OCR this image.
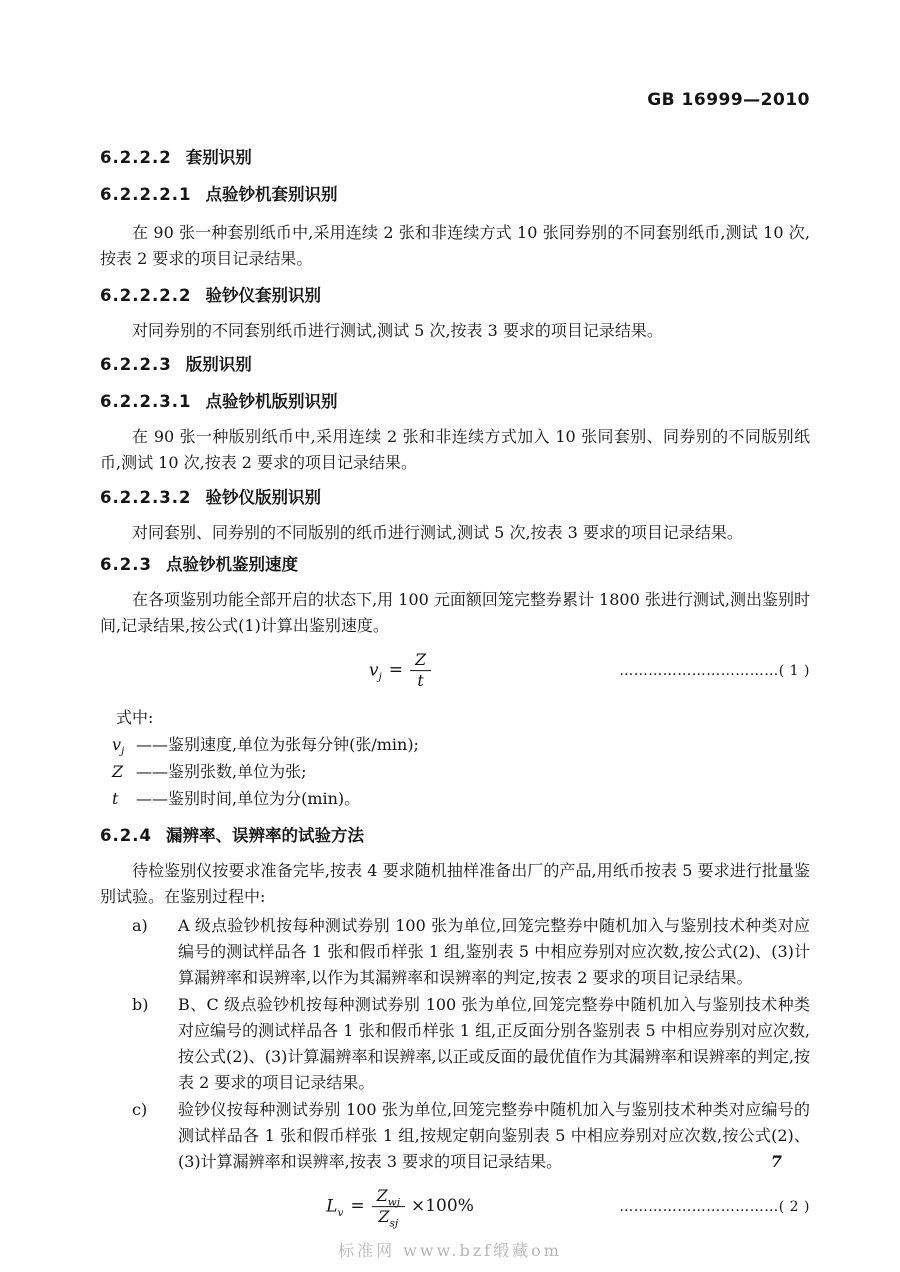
GB 16999—2010
6.2.2.2 套别识别
6.2.2.2.1 点验钞机套别识别

在 90 张一种套别纸币中,采用连续 2 张和非连续方式 10 张同券别的不同套别纸币,测试 10 次,按表 2 要求的项目记录结果。

6.2.2.2.2 验钞仪套别识别

对同券别的不同套别纸币进行测试,测试 5 次,按表 3 要求的项目记录结果。

6.2.2.3 版别识别
6.2.2.3.1 点验钞机版别识别

在 90 张一种版别纸币中,采用连续 2 张和非连续方式加入 10 张同套别、同券别的不同版别纸币,测试 10 次,按表 2 要求的项目记录结果。

6.2.2.3.2 验钞仪版别识别

对同套别、同券别的不同版别的纸币进行测试,测试 5 次,按表 3 要求的项目记录结果。

6.2.3 点验钞机鉴别速度

在各项鉴别功能全部开启的状态下,用 100 元面额回笼完整券累计 1800 张进行测试,测出鉴别时间,记录结果,按公式(1)计算出鉴别速度。

$v_j = \frac{Z}{t}$	……………………………( 1 )
式中:
$v_j$ ——鉴别速度,单位为张每分钟(张/min);
Z ——鉴别张数,单位为张;
t ——鉴别时间,单位为分(min)。
6.2.4 漏辨率、误辨率的试验方法

待检鉴别仪按要求准备完毕,按表 4 要求随机抽样准备出厂的产品,用纸币按表 5 要求进行批量鉴别试验。在鉴别过程中:

a)	A 级点验钞机按每种测试券别 100 张为单位,回笼完整券中随机加入与鉴别技术种类对应编号的测试样品各 1 张和假币样张 1 组,鉴别表 5 中相应券别对应次数,按公式(2)、(3)计算漏辨率和误辨率,以作为其漏辨率和误辨率的判定,按表 2 要求的项目记录结果。
b)	B、C 级点验钞机按每种测试券别 100 张为单位,回笼完整券中随机加入与鉴别技术种类对应编号的测试样品各 1 张和假币样张 1 组,正反面分别各鉴别表 5 中相应券别对应次数,按公式(2)、(3)计算漏辨率和误辨率,以正或反面的最优值作为其漏辨率和误辨率的判定,按表 2 要求的项目记录结果。
c)	验钞仪按每种测试券别 100 张为单位,回笼完整券中随机加入与鉴别技术种类对应编号的测试样品各 1 张和假币样张 1 组,按规定朝向鉴别表 5 中相应券别对应次数,按公式(2)、(3)计算漏辨率和误辨率,按表 3 要求的项目记录结果。
$L_v = \frac{Z_{wj}}{Z_{sj}} \times 100\%$	……………………………( 2 )
7
标准网 www.bzf缎藏om
